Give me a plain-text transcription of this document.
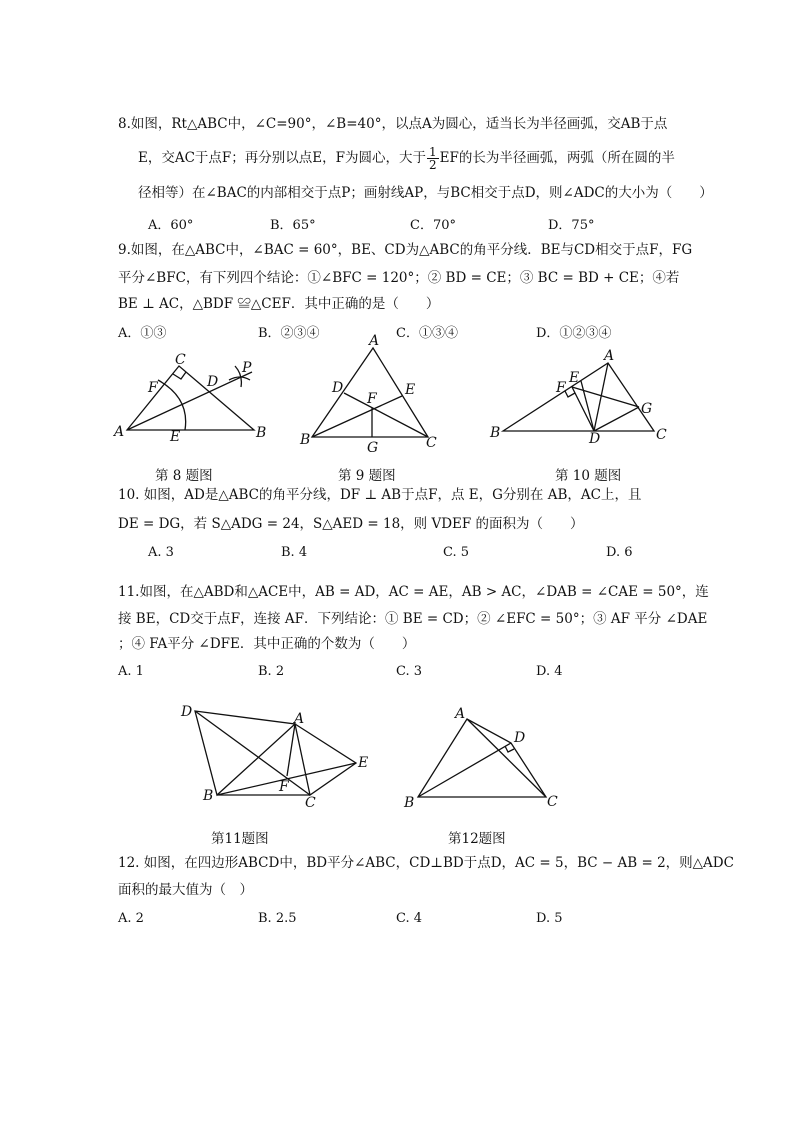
8.如图，Rt△ABC中，∠C=90°，∠B=40°，以点A为圆心，适当长为半径画弧，交AB于点
E，交AC于点F；再分别以点E，F为圆心，大于 $\frac{1}{2}$ EF的长为半径画弧，两弧（所在圆的半
径相等）在∠BAC的内部相交于点P；画射线AP，与BC相交于点D，则∠ADC的大小为（　　）
A．60°	B．65°	C．70°	D．75°
9.如图，在△ABC中，∠BAC = 60°，BE、CD为△ABC的角平分线．BE与CD相交于点F，FG
平分∠BFC，有下列四个结论：①∠BFC = 120°；② BD = CE；③ BC = BD + CE；④若
BE ⊥ AC，△BDF ≌△CEF．其中正确的是（　　）
A．①③	B．②③④	C．①③④	D．①②③④
C	P
F	D
A	E	B
A
D	E
F
B	G	C
A
F
E
G
B	D	C
第 8 题图	第 9 题图	第 10 题图
10. 如图，AD是△ABC的角平分线，DF ⊥ AB于点F，点 E，G分别在 AB，AC上，且
DE = DG，若 S△ADG = 24，S△AED = 18，则 VDEF 的面积为（　　）
A. 3	B. 4	C. 5	D. 6
11.如图，在△ABD和△ACE中，AB = AD，AC = AE，AB > AC，∠DAB = ∠CAE = 50°，连
接 BE，CD交于点F，连接 AF．下列结论：① BE = CD；② ∠EFC = 50°；③ AF 平分 ∠DAE
；④ FA平分 ∠DFE．其中正确的个数为（　　）
A. 1	B. 2	C. 3	D. 4
D	A
E
F
B	C
A
D
B	C
第11题图	第12题图
12. 如图，在四边形ABCD中，BD平分∠ABC，CD⊥BD于点D，AC = 5，BC − AB = 2，则△ADC
面积的最大值为（　）
A. 2	B. 2.5	C. 4	D. 5
